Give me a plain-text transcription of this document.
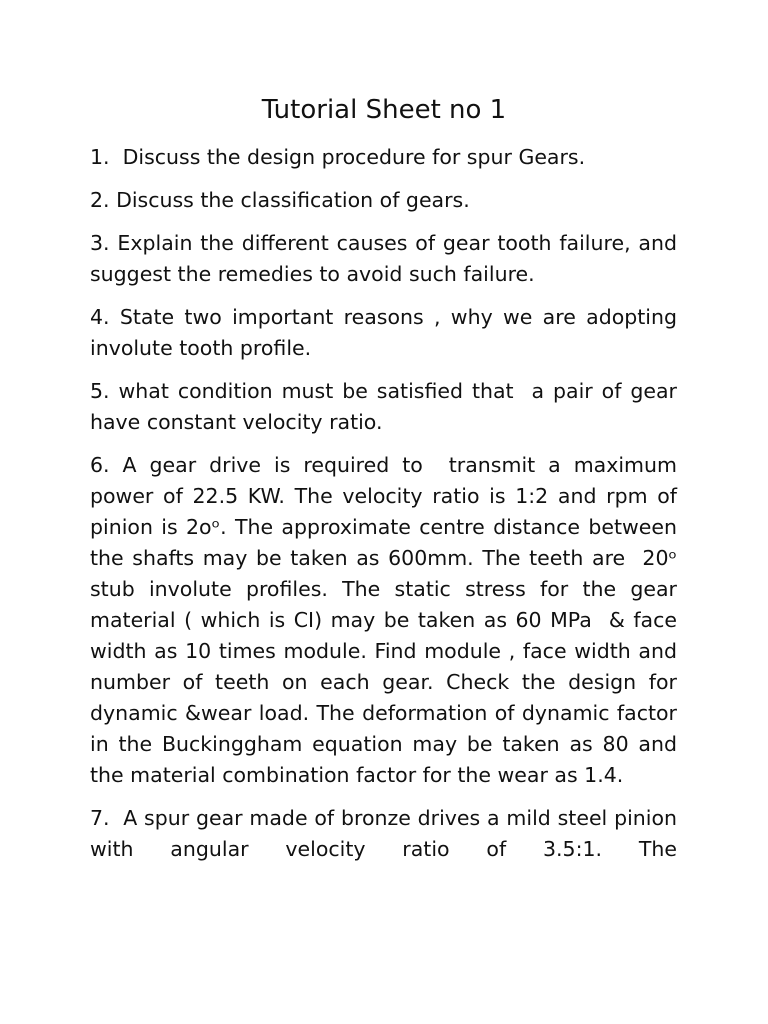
Tutorial Sheet no 1

1.  Discuss the design procedure for spur Gears.

2. Discuss the classification of gears.

3. Explain the different causes of gear tooth failure, and suggest the remedies to avoid such failure.

4. State two important reasons , why we are adopting involute tooth profile.

5. what condition must be satisfied that  a pair of gear have constant velocity ratio.

6. A gear drive is required to  transmit a maximum power of 22.5 KW. The velocity ratio is 1:2 and rpm of pinion is 2oᵒ. The approximate centre distance between the shafts may be taken as 600mm. The teeth are  20ᵒ stub involute profiles. The static stress for the gear material ( which is CI) may be taken as 60 MPa  & face width as 10 times module. Find module , face width and number of teeth on each gear. Check the design for dynamic &wear load. The deformation of dynamic factor in the Buckinggham equation may be taken as 80 and the material combination factor for the wear as 1.4.

7.  A spur gear made of bronze drives a mild steel pinion with angular velocity ratio of 3.5:1. The
